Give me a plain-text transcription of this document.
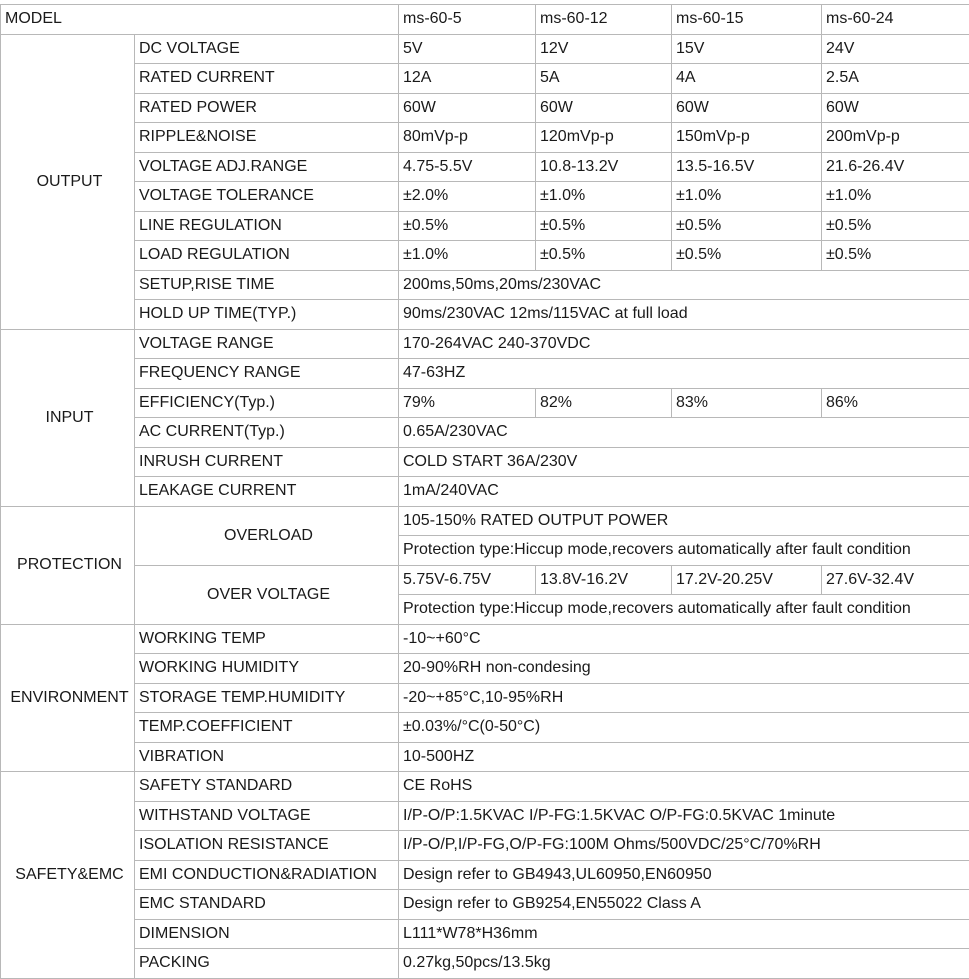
MODEL		ms-60-5	ms-60-12	ms-60-15	ms-60-24
OUTPUT	DC VOLTAGE	5V	12V	15V	24V
	RATED CURRENT	12A	5A	4A	2.5A
	RATED POWER	60W	60W	60W	60W
	RIPPLE&NOISE	80mVp-p	120mVp-p	150mVp-p	200mVp-p
	VOLTAGE ADJ.RANGE	4.75-5.5V	10.8-13.2V	13.5-16.5V	21.6-26.4V
	VOLTAGE TOLERANCE	±2.0%	±1.0%	±1.0%	±1.0%
	LINE REGULATION	±0.5%	±0.5%	±0.5%	±0.5%
	LOAD REGULATION	±1.0%	±0.5%	±0.5%	±0.5%
	SETUP,RISE TIME	200ms,50ms,20ms/230VAC			
	HOLD UP TIME(TYP.)	90ms/230VAC 12ms/115VAC at full load			
INPUT	VOLTAGE RANGE	170-264VAC 240-370VDC			
	FREQUENCY RANGE	47-63HZ			
	EFFICIENCY(Typ.)	79%	82%	83%	86%
	AC CURRENT(Typ.)	0.65A/230VAC			
	INRUSH CURRENT	COLD START 36A/230V			
	LEAKAGE CURRENT	1mA/240VAC			
PROTECTION	OVERLOAD	105-150% RATED OUTPUT POWER			
		Protection type:Hiccup mode,recovers automatically after fault condition			
	OVER VOLTAGE	5.75V-6.75V	13.8V-16.2V	17.2V-20.25V	27.6V-32.4V
		Protection type:Hiccup mode,recovers automatically after fault condition			
ENVIRONMENT	WORKING TEMP	-10~+60°C			
	WORKING HUMIDITY	20-90%RH non-condesing			
	STORAGE TEMP.HUMIDITY	-20~+85°C,10-95%RH			
	TEMP.COEFFICIENT	±0.03%/°C(0-50°C)			
	VIBRATION	10-500HZ			
SAFETY&EMC	SAFETY STANDARD	CE RoHS			
	WITHSTAND VOLTAGE	I/P-O/P:1.5KVAC I/P-FG:1.5KVAC O/P-FG:0.5KVAC 1minute			
	ISOLATION RESISTANCE	I/P-O/P,I/P-FG,O/P-FG:100M Ohms/500VDC/25°C/70%RH			
	EMI CONDUCTION&RADIATION	Design refer to GB4943,UL60950,EN60950			
	EMC STANDARD	Design refer to GB9254,EN55022 Class A			
	DIMENSION	L111*W78*H36mm			
	PACKING	0.27kg,50pcs/13.5kg			
